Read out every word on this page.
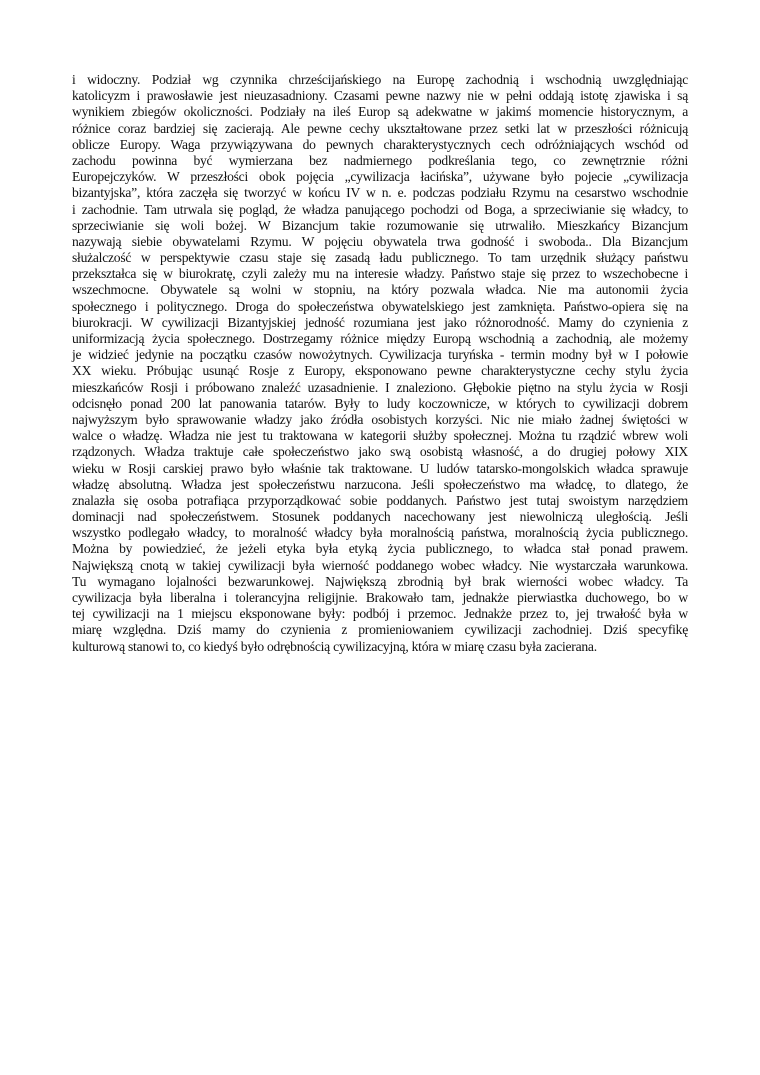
i widoczny. Podział wg czynnika chrześcijańskiego na Europę zachodnią i wschodnią uwzględniając
katolicyzm i prawosławie jest nieuzasadniony. Czasami pewne nazwy nie w pełni oddają istotę zjawiska i są
wynikiem zbiegów okoliczności. Podziały na ileś Europ są adekwatne w jakimś momencie historycznym, a
różnice coraz bardziej się zacierają. Ale pewne cechy ukształtowane przez setki lat w przeszłości różnicują
oblicze Europy. Waga przywiązywana do pewnych charakterystycznych cech odróżniających wschód od
zachodu powinna być wymierzana bez nadmiernego podkreślania tego, co zewnętrznie różni
Europejczyków. W przeszłości obok pojęcia „cywilizacja łacińska”, używane było pojecie „cywilizacja
bizantyjska”, która zaczęła się tworzyć w końcu IV w n. e. podczas podziału Rzymu na cesarstwo wschodnie
i zachodnie. Tam utrwala się pogląd, że władza panującego pochodzi od Boga, a sprzeciwianie się władcy, to
sprzeciwianie się woli bożej. W Bizancjum takie rozumowanie się utrwaliło. Mieszkańcy Bizancjum
nazywają siebie obywatelami Rzymu. W pojęciu obywatela trwa godność i swoboda.. Dla Bizancjum
służalczość w perspektywie czasu staje się zasadą ładu publicznego. To tam urzędnik służący państwu
przekształca się w biurokratę, czyli zależy mu na interesie władzy. Państwo staje się przez to wszechobecne i
wszechmocne. Obywatele są wolni w stopniu, na który pozwala władca. Nie ma autonomii życia
społecznego i politycznego. Droga do społeczeństwa obywatelskiego jest zamknięta. Państwo-opiera się na
biurokracji. W cywilizacji Bizantyjskiej jedność rozumiana jest jako różnorodność. Mamy do czynienia z
uniformizacją życia społecznego. Dostrzegamy różnice między Europą wschodnią a zachodnią, ale możemy
je widzieć jedynie na początku czasów nowożytnych. Cywilizacja turyńska - termin modny był w I połowie
XX wieku. Próbując usunąć Rosje z Europy, eksponowano pewne charakterystyczne cechy stylu życia
mieszkańców Rosji i próbowano znaleźć uzasadnienie. I znaleziono. Głębokie piętno na stylu życia w Rosji
odcisnęło ponad 200 lat panowania tatarów. Były to ludy koczownicze, w których to cywilizacji dobrem
najwyższym było sprawowanie władzy jako źródła osobistych korzyści. Nic nie miało żadnej świętości w
walce o władzę. Władza nie jest tu traktowana w kategorii służby społecznej. Można tu rządzić wbrew woli
rządzonych. Władza traktuje całe społeczeństwo jako swą osobistą własność, a do drugiej połowy XIX
wieku w Rosji carskiej prawo było właśnie tak traktowane. U ludów tatarsko-mongolskich władca sprawuje
władzę absolutną. Władza jest społeczeństwu narzucona. Jeśli społeczeństwo ma władcę, to dlatego, że
znalazła się osoba potrafiąca przyporządkować sobie poddanych. Państwo jest tutaj swoistym narzędziem
dominacji nad społeczeństwem. Stosunek poddanych nacechowany jest niewolniczą uległością. Jeśli
wszystko podlegało władcy, to moralność władcy była moralnością państwa, moralnością życia publicznego.
Można by powiedzieć, że jeżeli etyka była etyką życia publicznego, to władca stał ponad prawem.
Największą cnotą w takiej cywilizacji była wierność poddanego wobec władcy. Nie wystarczała warunkowa.
Tu wymagano lojalności bezwarunkowej. Największą zbrodnią był brak wierności wobec władcy. Ta
cywilizacja była liberalna i tolerancyjna religijnie. Brakowało tam, jednakże pierwiastka duchowego, bo w
tej cywilizacji na 1 miejscu eksponowane były: podbój i przemoc. Jednakże przez to, jej trwałość była w
miarę względna. Dziś mamy do czynienia z promieniowaniem cywilizacji zachodniej. Dziś specyfikę
kulturową stanowi to, co kiedyś było odrębnością cywilizacyjną, która w miarę czasu była zacierana.
